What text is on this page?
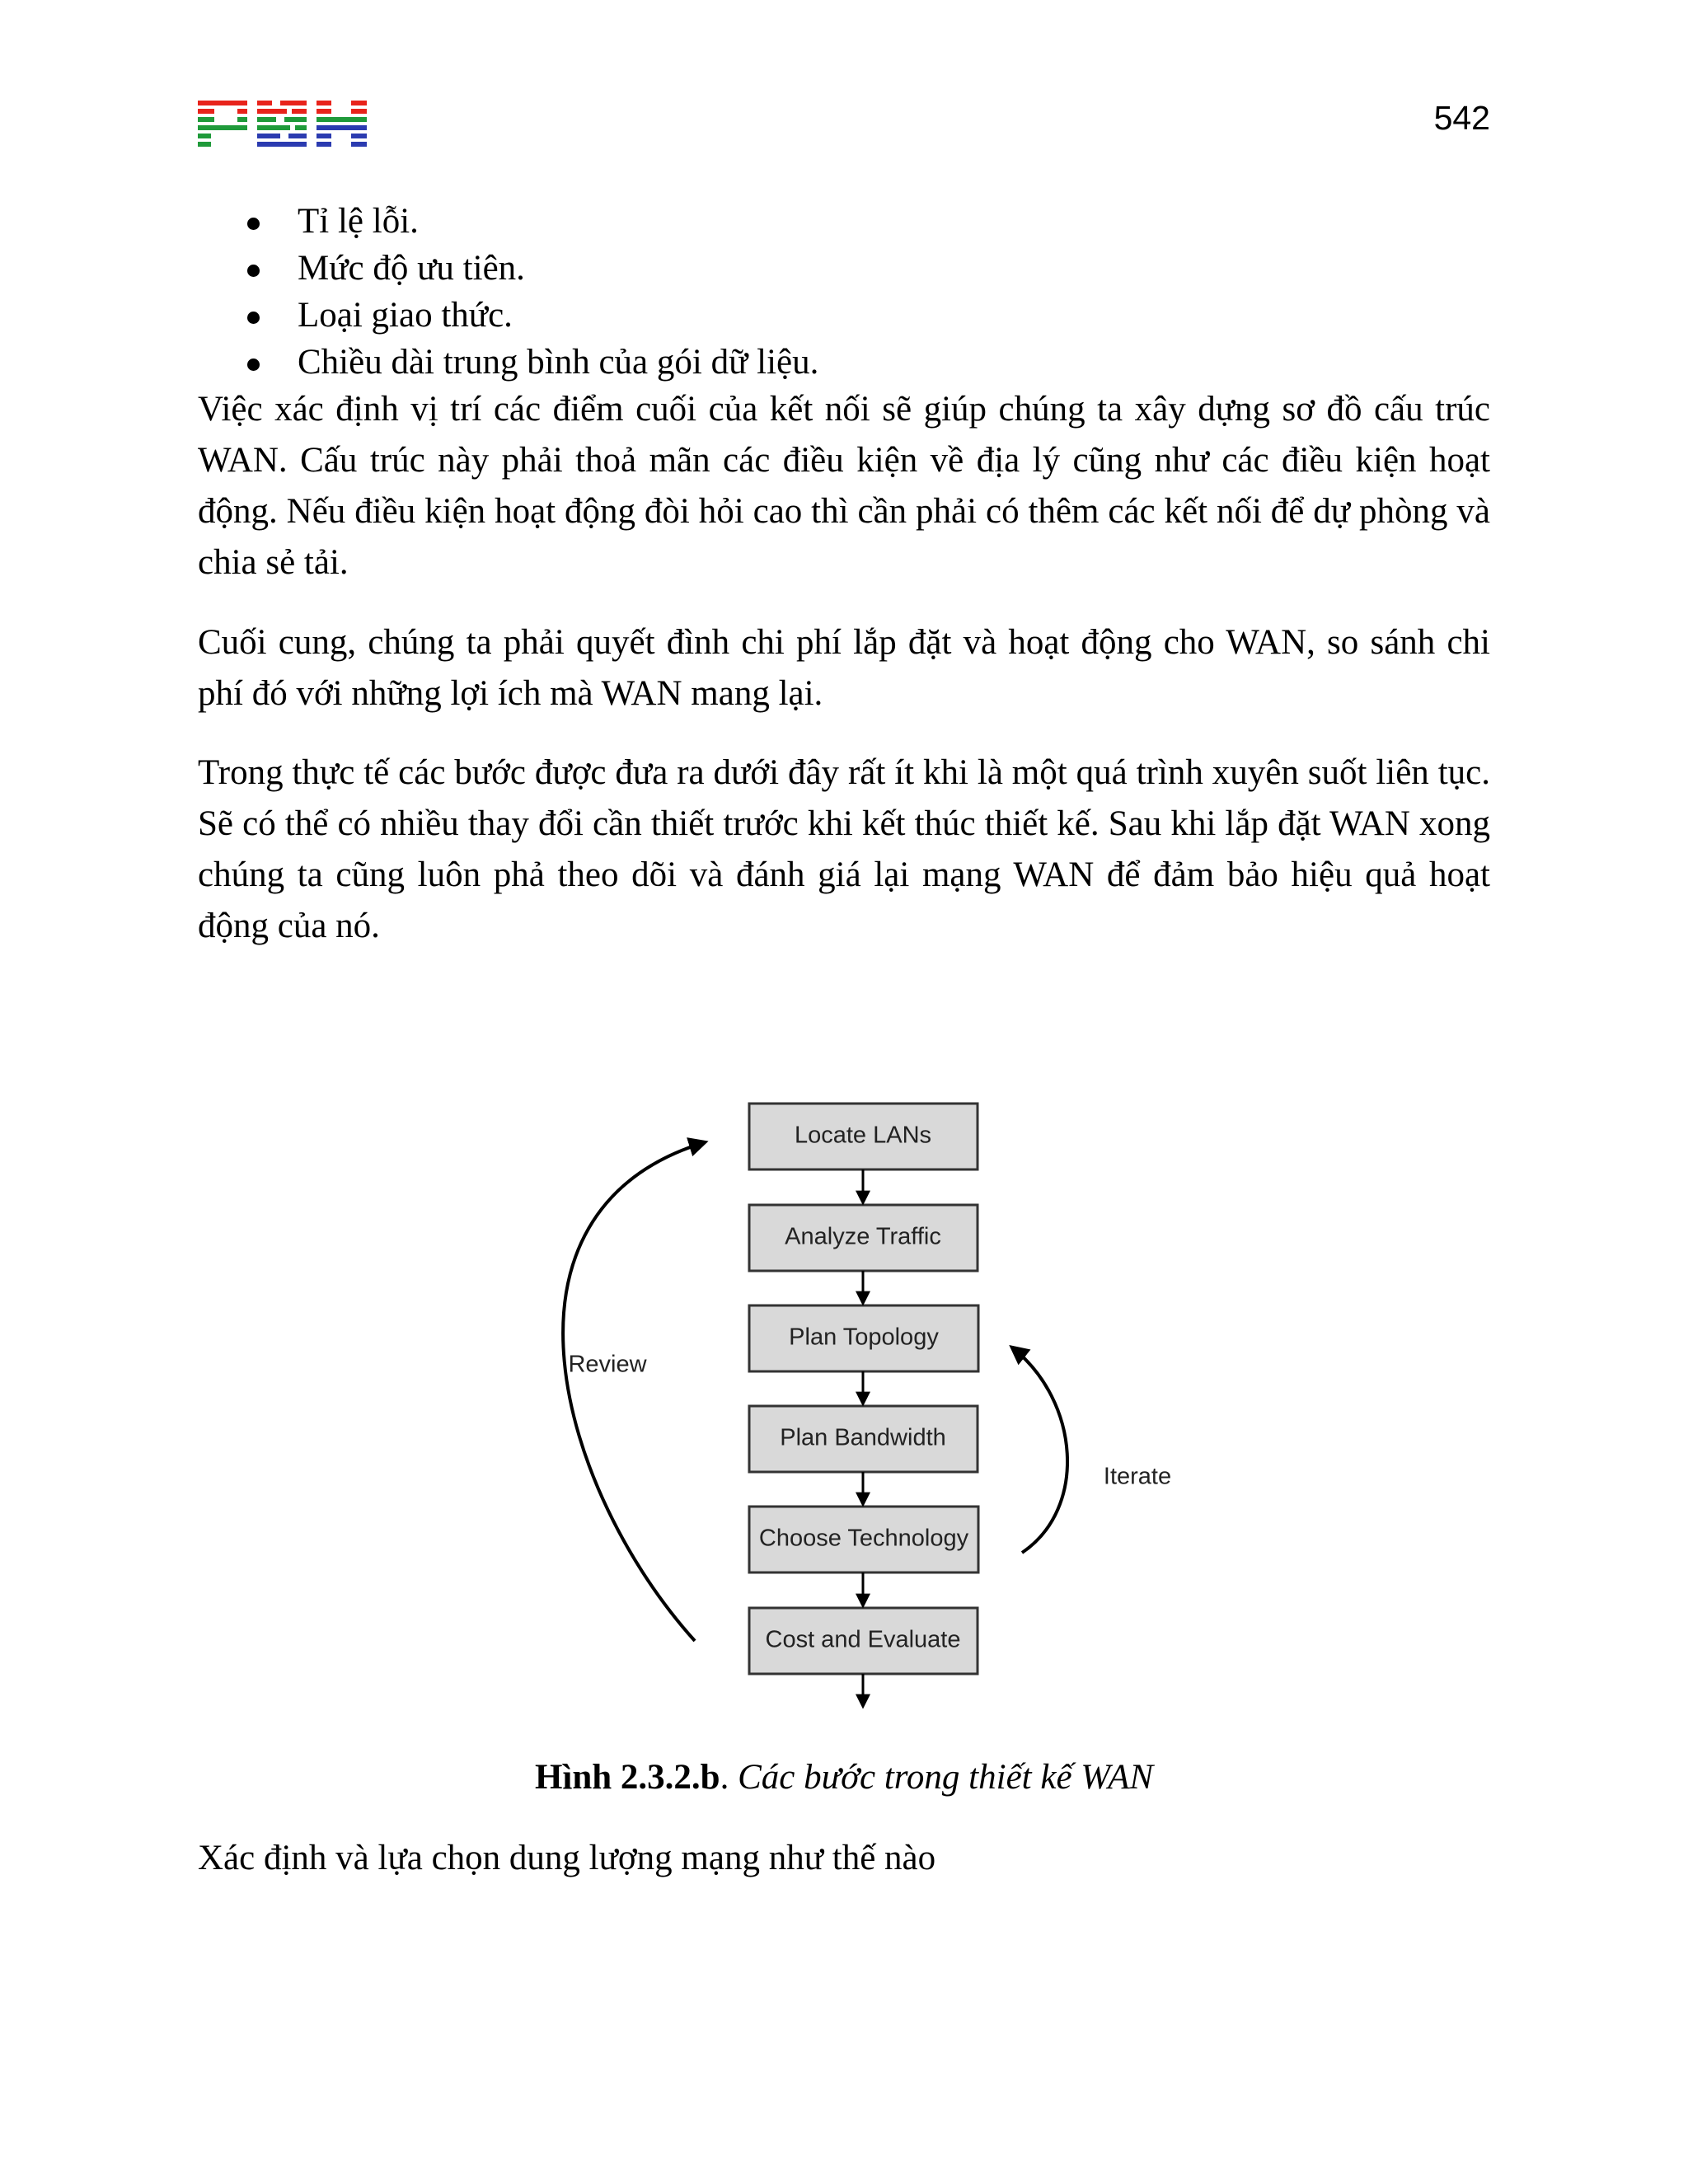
542
Tỉ lệ lỗi.
Mức độ ưu tiên.
Loại giao thức.
Chiều dài trung bình của gói dữ liệu.

Việc xác định vị trí các điểm cuối của kết nối sẽ giúp chúng ta xây dựng sơ đồ cấu trúc WAN. Cấu trúc này phải thoả mãn các điều kiện về địa lý cũng như các điều kiện hoạt động. Nếu điều kiện hoạt động đòi hỏi cao thì cần phải có thêm các kết nối để dự phòng và chia sẻ tải.

Cuối cung, chúng ta phải quyết đình chi phí lắp đặt và hoạt động cho WAN, so sánh chi phí đó với những lợi ích mà WAN mang lại.

Trong thực tế các bước được đưa ra dưới đây rất ít khi là một quá trình xuyên suốt liên tục. Sẽ có thể có nhiều thay đổi cần thiết trước khi kết thúc thiết kế. Sau khi lắp đặt WAN xong chúng ta cũng luôn phả theo dõi và đánh giá lại mạng WAN để đảm bảo hiệu quả hoạt động của nó.

Locate LANs
Analyze Traffic
Plan Topology
Plan Bandwidth
Choose Technology
Cost and Evaluate
Review
Iterate
Hình 2.3.2.b. Các bước trong thiết kế WAN

Xác định và lựa chọn dung lượng mạng như thế nào
